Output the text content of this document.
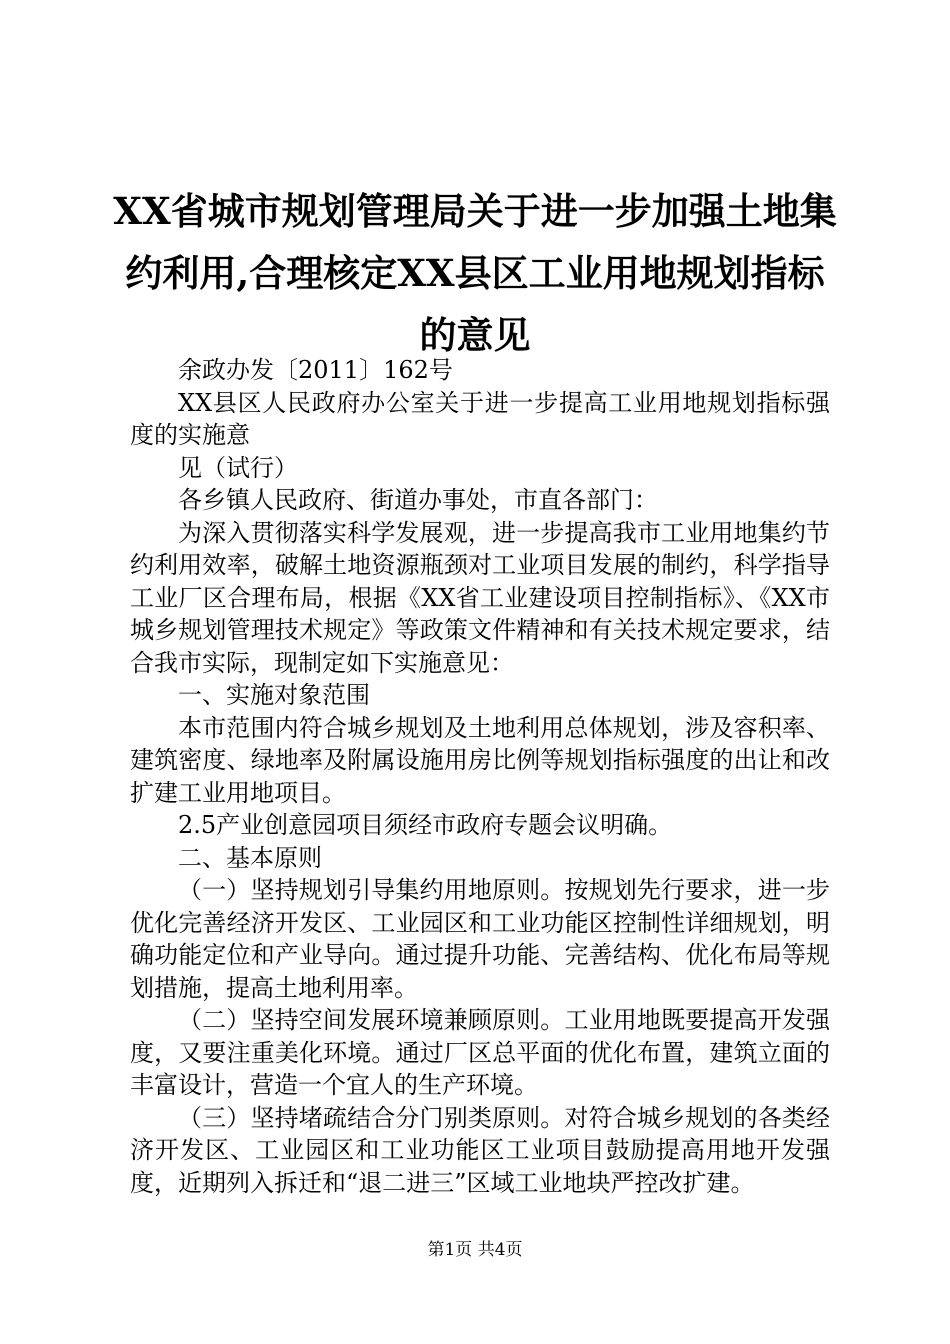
XX省城市规划管理局关于进一步加强土地集约利用,合理核定XX县区工业用地规划指标的意见

余政办发〔2011〕162号

XX县区人民政府办公室关于进一步提高工业用地规划指标强度的实施意

见（试行）

各乡镇人民政府、街道办事处，市直各部门：

为深入贯彻落实科学发展观，进一步提高我市工业用地集约节约利用效率，破解土地资源瓶颈对工业项目发展的制约，科学指导工业厂区合理布局，根据《XX省工业建设项目控制指标》、《XX市城乡规划管理技术规定》等政策文件精神和有关技术规定要求，结合我市实际，现制定如下实施意见：

一、实施对象范围

本市范围内符合城乡规划及土地利用总体规划，涉及容积率、建筑密度、绿地率及附属设施用房比例等规划指标强度的出让和改扩建工业用地项目。

2.5产业创意园项目须经市政府专题会议明确。

二、基本原则

（一）坚持规划引导集约用地原则。按规划先行要求，进一步优化完善经济开发区、工业园区和工业功能区控制性详细规划，明确功能定位和产业导向。通过提升功能、完善结构、优化布局等规划措施，提高土地利用率。

（二）坚持空间发展环境兼顾原则。工业用地既要提高开发强度，又要注重美化环境。通过厂区总平面的优化布置，建筑立面的丰富设计，营造一个宜人的生产环境。

（三）坚持堵疏结合分门别类原则。对符合城乡规划的各类经济开发区、工业园区和工业功能区工业项目鼓励提高用地开发强度，近期列入拆迁和“退二进三”区域工业地块严控改扩建。

第1页 共4页
